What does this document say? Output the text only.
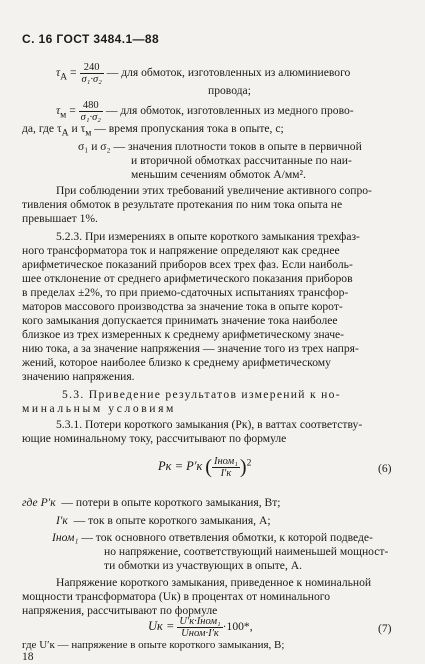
С. 16 ГОСТ 3484.1—88
$\tau_A = \frac{240}{\text{σ₁·σ₂}}$ — для обмоток, изготовленных из алюминиевого
провода;
$\tau_м = \frac{480}{\text{σ₁·σ₂}}$ — для обмоток, изготовленных из медного прово-
да, где $\tau_A$ и $\tau_м$ — время пропускания тока в опыте, с;
σ₁ и σ₂ — значения плотности токов в опыте в первичной
и вторичной обмотках рассчитанные по наи-
меньшим сечениям обмоток А/мм².
При соблюдении этих требований увеличение активного сопро-
тивления обмоток в результате протекания по ним тока опыта не
превышает 1%.
5.2.3. При измерениях в опыте короткого замыкания трехфаз-
ного трансформатора ток и напряжение определяют как среднее
арифметическое показаний приборов всех трех фаз. Если наиболь-
шее отклонение от среднего арифметического показания приборов
в пределах ±2%, то при приемо-сдаточных испытаниях трансфор-
маторов массового производства за значение тока в опыте корот-
кого замыкания допускается принимать значение тока наиболее
близкое из трех измеренных к среднему арифметическому значе-
нию тока, а за значение напряжения — значение того из трех напря-
жений, которое наиболее близко к среднему арифметическому
значению напряжения.
5.3. Приведение результатов измерений к но-
минальным условиям
5.3.1. Потери короткого замыкания (Pк), в ваттах соответству-
ющие номинальному току, рассчитывают по формуле
Pк = P′к ( $\frac{\text{Iном₁}}{I'к} )^2$	(6)
где P′к — потери в опыте короткого замыкания, Вт;
I′к — ток в опыте короткого замыкания, А;
Iном₁ — ток основного ответвления обмотки, к которой подведе-
но напряжение, соответствующий наименьшей мощност-
ти обмотки из участвующих в опыте, А.
Напряжение короткого замыкания, приведенное к номинальной
мощности трансформатора (Uк) в процентах от номинального
напряжения, рассчитывают по формуле
Uк = $\frac{\text{U′к·Iном₁}}{\text{Uном·I′к}} \cdot 100*$,	(7)
где U′к — напряжение в опыте короткого замыкания, В;
18
